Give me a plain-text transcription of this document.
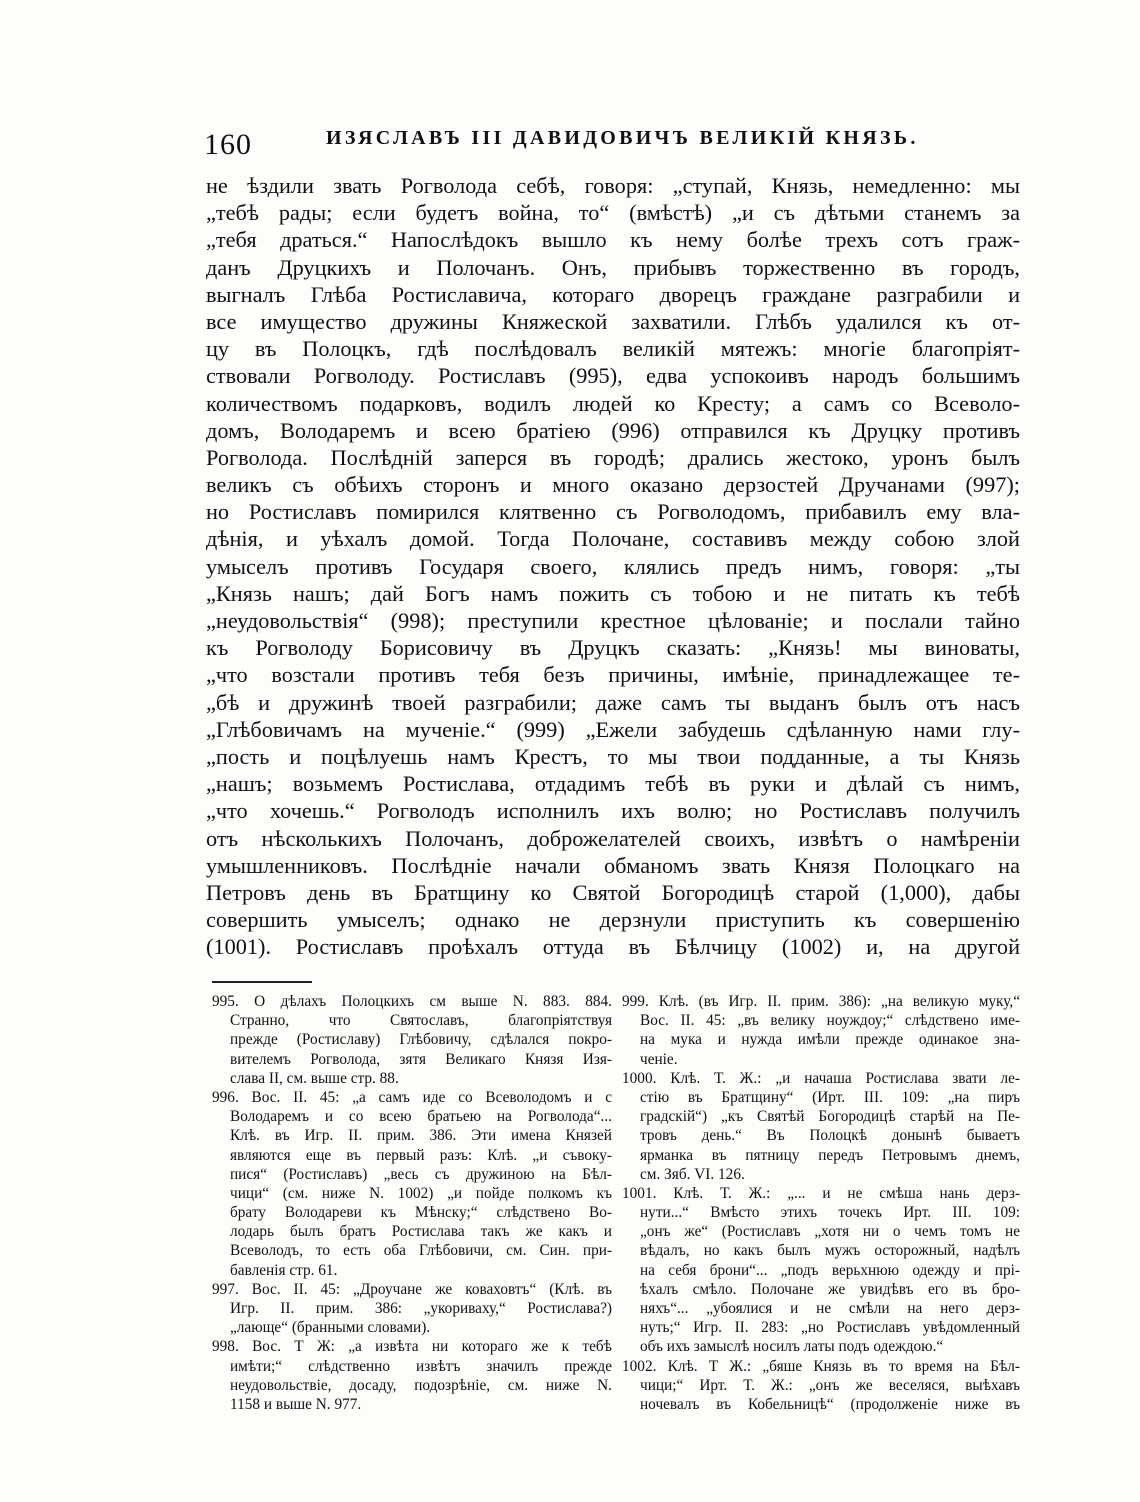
160	ИЗЯСЛАВЪ III ДАВИДОВИЧЪ ВЕЛИКІЙ КНЯЗЬ.
не ѣздили звать Рогволода себѣ, говоря: „ступай, Князь, немедленно: мы
„тебѣ рады; если будетъ война, то“ (вмѣстѣ) „и съ дѣтьми станемъ за
„тебя драться.“ Напослѣдокъ вышло къ нему болѣе трехъ сотъ граж-
данъ Друцкихъ и Полочанъ. Онъ, прибывъ торжественно въ городъ,
выгналъ Глѣба Ростиславича, котораго дворецъ граждане разграбили и
все имущество дружины Княжеской захватили. Глѣбъ удалился къ от-
цу въ Полоцкъ, гдѣ послѣдовалъ великій мятежъ: многіе благопріят-
ствовали Рогволоду. Ростиславъ (995), едва успокоивъ народъ большимъ
количествомъ подарковъ, водилъ людей ко Кресту; а самъ со Всеволо-
домъ, Володаремъ и всею братіею (996) отправился къ Друцку противъ
Рогволода. Послѣдній заперся въ городѣ; дрались жестоко, уронъ былъ
великъ съ обѣихъ сторонъ и много оказано дерзостей Дручанами (997);
но Ростиславъ помирился клятвенно съ Рогволодомъ, прибавилъ ему вла-
дѣнія, и уѣхалъ домой. Тогда Полочане, составивъ между собою злой
умыселъ противъ Государя своего, клялись предъ нимъ, говоря: „ты
„Князь нашъ; дай Богъ намъ пожить съ тобою и не питать къ тебѣ
„неудовольствія“ (998); преступили крестное цѣлованіе; и послали тайно
къ Рогволоду Борисовичу въ Друцкъ сказать: „Князь! мы виноваты,
„что возстали противъ тебя безъ причины, имѣніе, принадлежащее те-
„бѣ и дружинѣ твоей разграбили; даже самъ ты выданъ былъ отъ насъ
„Глѣбовичамъ на мученіе.“ (999) „Ежели забудешь сдѣланную нами глу-
„пость и поцѣлуешь намъ Крестъ, то мы твои подданные, а ты Князь
„нашъ; возьмемъ Ростислава, отдадимъ тебѣ въ руки и дѣлай съ нимъ,
„что хочешь.“ Рогволодъ исполнилъ ихъ волю; но Ростиславъ получилъ
отъ нѣсколькихъ Полочанъ, доброжелателей своихъ, извѣтъ о намѣреніи
умышленниковъ. Послѣдніе начали обманомъ звать Князя Полоцкаго на
Петровъ день въ Братщину ко Святой Богородицѣ старой (1,000), дабы
совершить умыселъ; однако не дерзнули приступить къ совершенію
(1001). Ростиславъ проѣхалъ оттуда въ Бѣлчицу (1002) и, на другой
995. О дѣлахъ Полоцкихъ см выше N. 883. 884.
Странно, что Святославъ, благопріятствуя
прежде (Ростиславу) Глѣбовичу, сдѣлался покро-
вителемъ Рогволода, зятя Великаго Князя Изя-
слава II, см. выше стр. 88.
996. Вос. II. 45: „а самъ иде со Всеволодомъ и с
Володаремъ и со всею братьею на Рогволода“...
Клѣ. въ Игр. II. прим. 386. Эти имена Князей
являются еще въ первый разъ: Клѣ. „и съвоку-
пися“ (Ростиславъ) „весь съ дружиною на Бѣл-
чици“ (см. ниже N. 1002) „и пойде полкомъ къ
брату Володареви къ Мѣнску;“ слѣдствено Во-
лодарь былъ братъ Ростислава такъ же какъ и
Всеволодъ, то есть оба Глѣбовичи, см. Син. при-
бавленія стр. 61.
997. Вос. II. 45: „Дроучане же коваховтъ“ (Клѣ. въ
Игр. II. прим. 386: „укориваху,“ Ростислава?)
„лающе“ (бранными словами).
998. Вос. Т Ж: „а извѣта ни котораго же к тебѣ
имѣти;“ слѣдственно извѣтъ значилъ прежде
неудовольствіе, досаду, подозрѣніе, см. ниже N.
1158 и выше N. 977.
999. Клѣ. (въ Игр. II. прим. 386): „на великую муку,“
Вос. II. 45: „въ велику ноуждоу;“ слѣдствено име-
на мука и нужда имѣли прежде одинакое зна-
ченіе.
1000. Клѣ. Т. Ж.: „и начаша Ростислава звати ле-
стію въ Братщину“ (Ирт. III. 109: „на пиръ
градскій“) „къ Святѣй Богородицѣ старѣй на Пе-
тровъ день.“ Въ Полоцкѣ донынѣ бываетъ
ярманка въ пятницу передъ Петровымъ днемъ,
см. Зяб. VI. 126.
1001. Клѣ. Т. Ж.: „... и не смѣша нань дерз-
нути...“ Вмѣсто этихъ точекъ Ирт. III. 109:
„онъ же“ (Ростиславъ „хотя ни о чемъ томъ не
вѣдалъ, но какъ былъ мужъ осторожный, надѣлъ
на себя брони“... „подъ верьхнюю одежду и прі-
ѣхалъ смѣло. Полочане же увидѣвъ его въ бро-
няхъ“... „убоялися и не смѣли на него дерз-
нуть;“ Игр. II. 283: „но Ростиславъ увѣдомленный
объ ихъ замыслѣ носилъ латы подъ одеждою.“
1002. Клѣ. Т Ж.: „бяше Князь въ то время на Бѣл-
чици;“ Ирт. Т. Ж.: „онъ же веселяся, выѣхавъ
ночевалъ въ Кобельницѣ“ (продолженіе ниже въ
